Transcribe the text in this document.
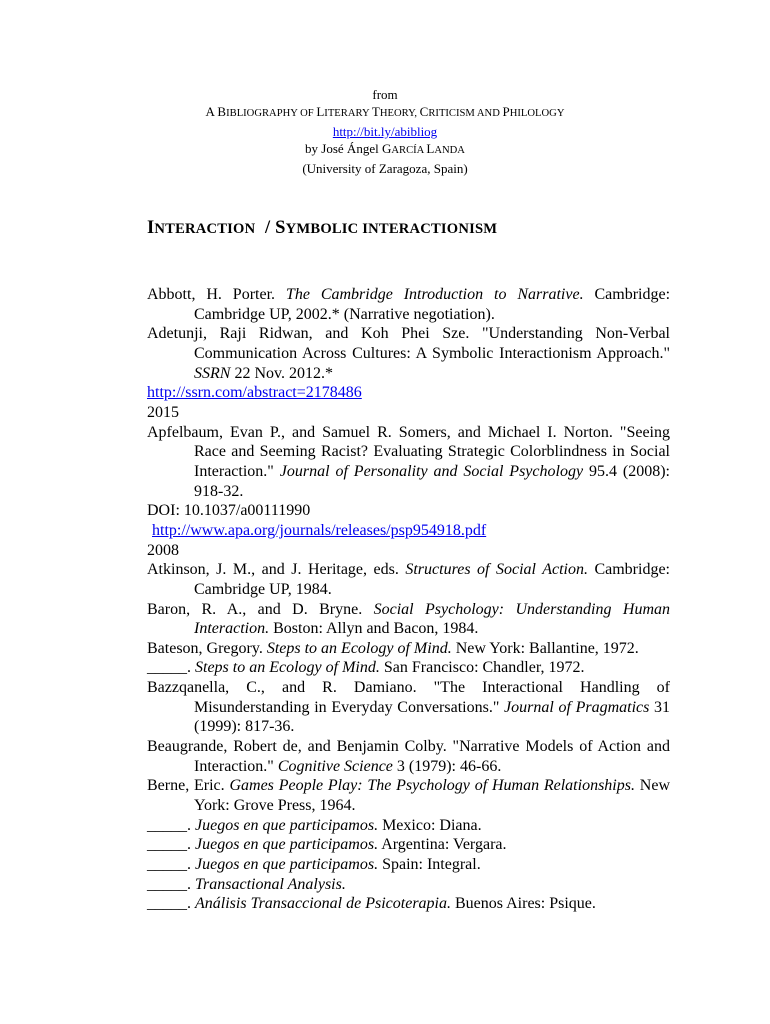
from
A BIBLIOGRAPHY OF LITERARY THEORY, CRITICISM AND PHILOLOGY
http://bit.ly/abibliog
by José Ángel GARCÍA LANDA
(University of Zaragoza, Spain)
INTERACTION  / SYMBOLIC INTERACTIONISM
Abbott, H. Porter. The Cambridge Introduction to Narrative. Cambridge: Cambridge UP, 2002.* (Narrative negotiation).
Adetunji, Raji Ridwan, and Koh Phei Sze. "Understanding Non-Verbal Communication Across Cultures: A Symbolic Interactionism Approach." SSRN 22 Nov. 2012.*
http://ssrn.com/abstract=2178486
2015
Apfelbaum, Evan P., and Samuel R. Somers, and Michael I. Norton. "Seeing Race and Seeming Racist? Evaluating Strategic Colorblindness in Social Interaction." Journal of Personality and Social Psychology 95.4 (2008): 918-32.
DOI: 10.1037/a00111990
http://www.apa.org/journals/releases/psp954918.pdf
2008
Atkinson, J. M., and J. Heritage, eds. Structures of Social Action. Cambridge: Cambridge UP, 1984.
Baron, R. A., and D. Bryne. Social Psychology: Understanding Human Interaction. Boston: Allyn and Bacon, 1984.
Bateson, Gregory. Steps to an Ecology of Mind. New York: Ballantine, 1972.
_____. Steps to an Ecology of Mind. San Francisco: Chandler, 1972.
Bazzqanella, C., and R. Damiano. "The Interactional Handling of Misunderstanding in Everyday Conversations." Journal of Pragmatics 31 (1999): 817-36.
Beaugrande, Robert de, and Benjamin Colby. "Narrative Models of Action and Interaction." Cognitive Science 3 (1979): 46-66.
Berne, Eric. Games People Play: The Psychology of Human Relationships. New York: Grove Press, 1964.
_____. Juegos en que participamos. Mexico: Diana.
_____. Juegos en que participamos. Argentina: Vergara.
_____. Juegos en que participamos. Spain: Integral.
_____. Transactional Analysis.
_____. Análisis Transaccional de Psicoterapia. Buenos Aires: Psique.
